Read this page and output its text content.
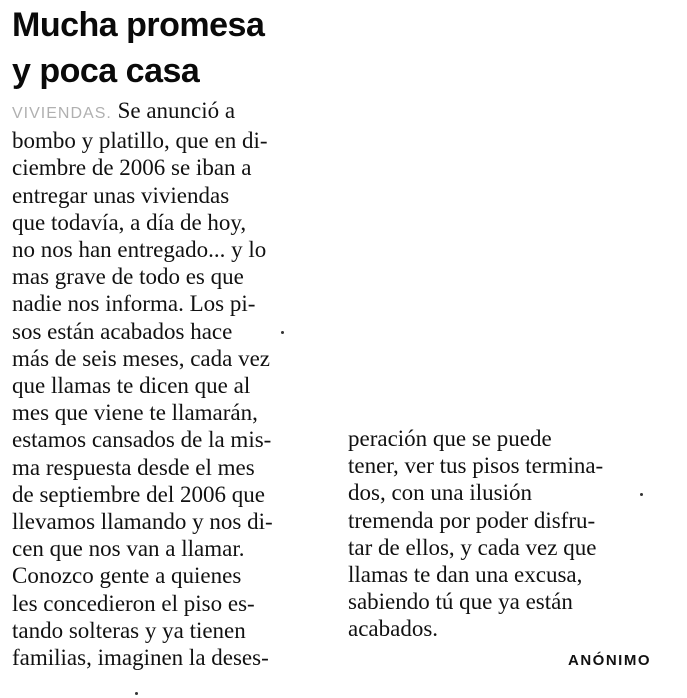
Mucha promesa
y poca casa
VIVIENDAS. Se anunció a
bombo y platillo, que en di-
ciembre de 2006 se iban a
entregar unas viviendas
que todavía, a día de hoy,
no nos han entregado... y lo
mas grave de todo es que
nadie nos informa. Los pi-
sos están acabados hace
más de seis meses, cada vez
que llamas te dicen que al
mes que viene te llamarán,
estamos cansados de la mis-
ma respuesta desde el mes
de septiembre del 2006 que
llevamos llamando y nos di-
cen que nos van a llamar.
Conozco gente a quienes
les concedieron el piso es-
tando solteras y ya tienen
familias, imaginen la deses-
peración que se puede
tener, ver tus pisos termina-
dos, con una ilusión
tremenda por poder disfru-
tar de ellos, y cada vez que
llamas te dan una excusa,
sabiendo tú que ya están
acabados.
ANÓNIMO
